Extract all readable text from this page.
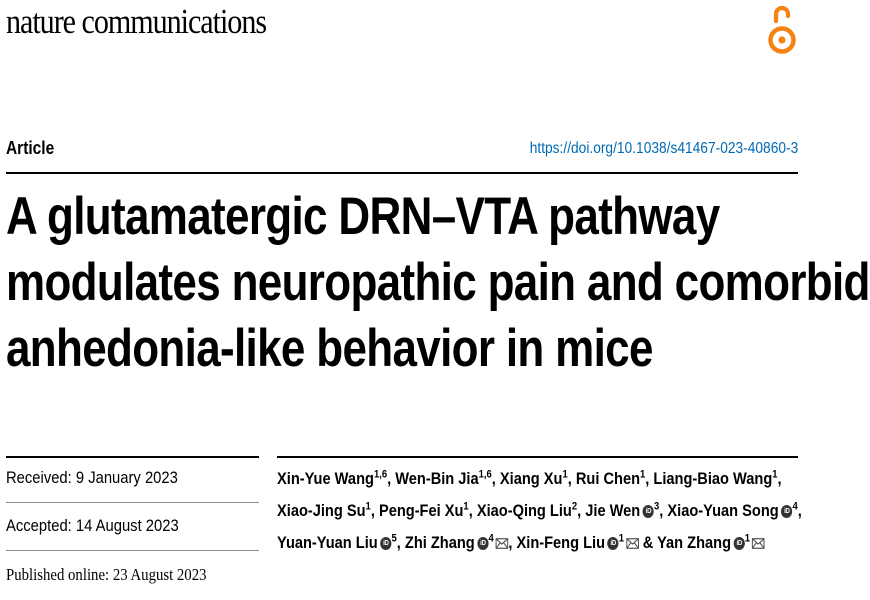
nature communications
Article	https://doi.org/10.1038/s41467-023-40860-3
A glutamatergic DRN–VTA pathway
modulates neuropathic pain and comorbid
anhedonia-like behavior in mice
Received: 9 January 2023
Accepted: 14 August 2023
Published online: 23 August 2023
Xin-Yue Wang$^{1,6}$, Wen-Bin Jia$^{1,6}$, Xiang Xu$^1$, Rui Chen$^1$, Liang-Biao Wang$^1$,
Xiao-Jing Su$^1$, Peng-Fei Xu$^1$, Xiao-Qing Liu$^2$, Jie Wen iD $^3$, Xiao-Yuan Song iD $^4$,
Yuan-Yuan Liu iD $^5$, Zhi Zhang iD $^4$ , Xin-Feng Liu iD $^1$ & Yan Zhang iD $^1$
